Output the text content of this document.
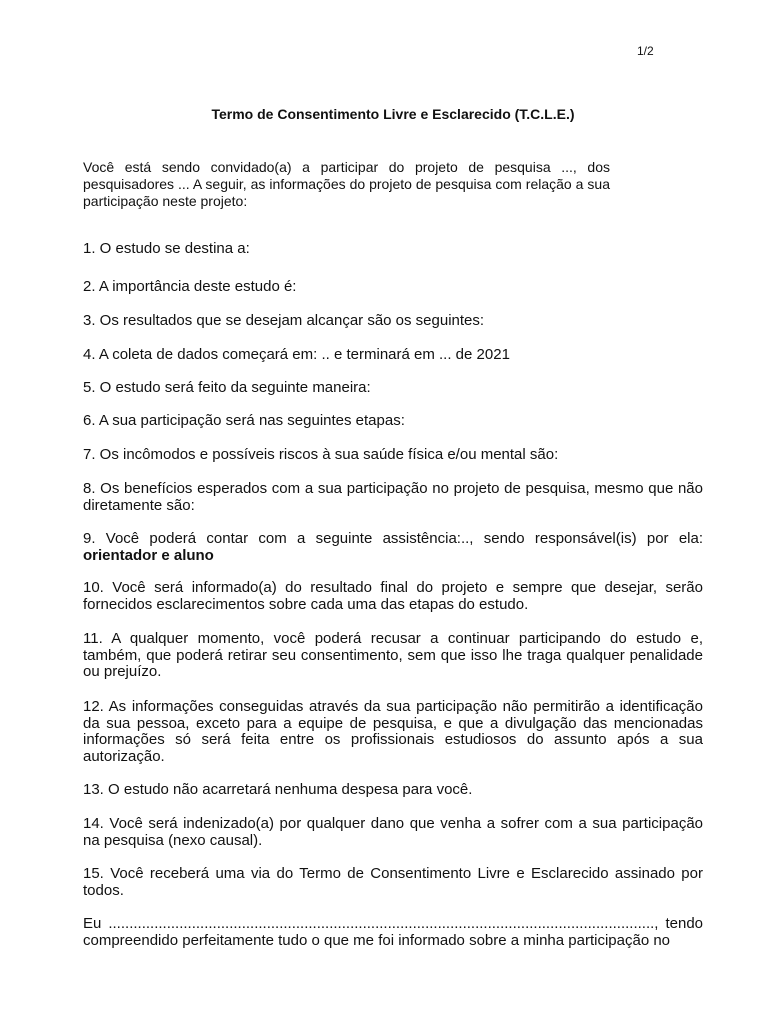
1/2
Termo de Consentimento Livre e Esclarecido (T.C.L.E.)
Você está sendo convidado(a) a participar do projeto de pesquisa ..., dos pesquisadores ... A seguir, as informações do projeto de pesquisa com relação a sua participação neste projeto:
1. O estudo se destina a:
2. A importância deste estudo é:
3. Os resultados que se desejam alcançar são os seguintes:
4. A coleta de dados começará em: .. e terminará em ... de 2021
5. O estudo será feito da seguinte maneira:
6. A sua participação será nas seguintes etapas:
7. Os incômodos e possíveis riscos à sua saúde física e/ou mental são:
8. Os benefícios esperados com a sua participação no projeto de pesquisa, mesmo que não diretamente são:
9. Você poderá contar com a seguinte assistência:.., sendo responsável(is) por ela: orientador e aluno
10. Você será informado(a) do resultado final do projeto e sempre que desejar, serão fornecidos esclarecimentos sobre cada uma das etapas do estudo.
11. A qualquer momento, você poderá recusar a continuar participando do estudo e, também, que poderá retirar seu consentimento, sem que isso lhe traga qualquer penalidade ou prejuízo.
12. As informações conseguidas através da sua participação não permitirão a identificação da sua pessoa, exceto para a equipe de pesquisa, e que a divulgação das mencionadas informações só será feita entre os profissionais estudiosos do assunto após a sua autorização.
13. O estudo não acarretará nenhuma despesa para você.
14. Você será indenizado(a) por qualquer dano que venha a sofrer com a sua participação na pesquisa (nexo causal).
15. Você receberá uma via do Termo de Consentimento Livre e Esclarecido assinado por todos.
Eu ..................................................................................................................................., tendo compreendido perfeitamente tudo o que me foi informado sobre a minha participação no
